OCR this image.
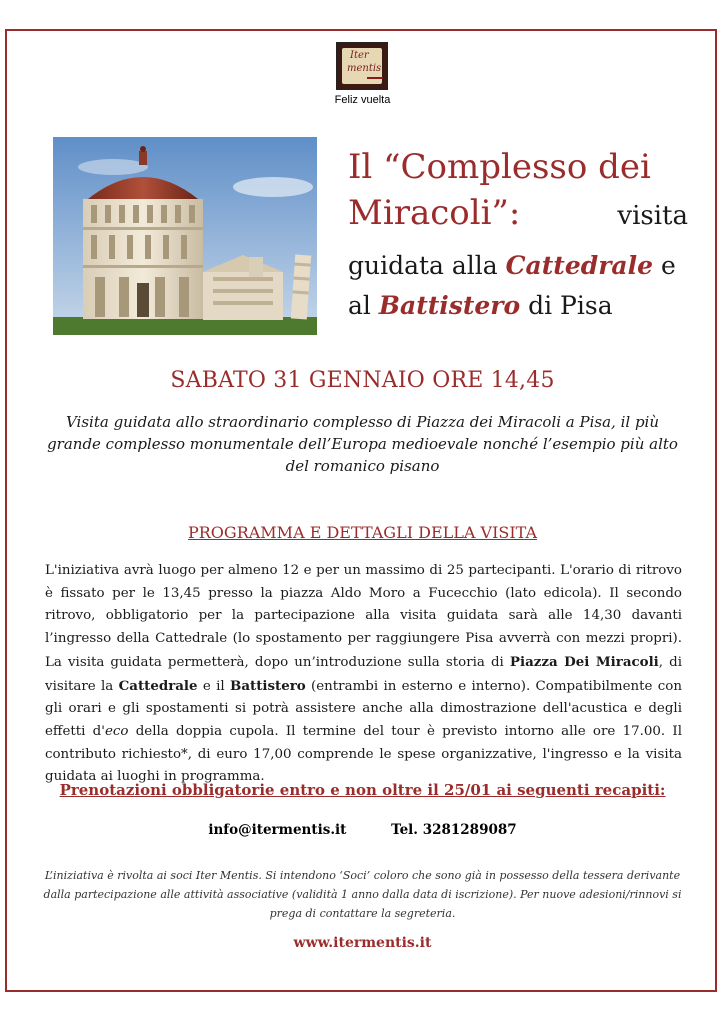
Iter
mentis
Feliz vuelta
Il “Complesso dei
Miracoli”:	visita
guidata alla Cattedrale e
al Battistero di Pisa
SABATO 31 GENNAIO ORE 14,45
Visita guidata allo straordinario complesso di Piazza dei Miracoli a Pisa, il più grande complesso monumentale dell’Europa medioevale nonché l’esempio più alto del romanico pisano
PROGRAMMA E DETTAGLI DELLA VISITA
L'iniziativa avrà luogo per almeno 12 e per un massimo di 25 partecipanti. L'orario di ritrovo è fissato per le 13,45 presso la piazza Aldo Moro a Fucecchio (lato edicola). Il secondo ritrovo, obbligatorio per la partecipazione alla visita guidata sarà alle 14,30 davanti l’ingresso della Cattedrale (lo spostamento per raggiungere Pisa avverrà con mezzi propri). La visita guidata permetterà, dopo un’introduzione sulla storia di Piazza Dei Miracoli, di visitare la Cattedrale e il Battistero (entrambi in esterno e interno). Compatibilmente con gli orari e gli spostamenti si potrà assistere anche alla dimostrazione dell'acustica e degli effetti d'eco della doppia cupola. Il termine del tour è previsto intorno alle ore 17.00. Il contributo richiesto*, di euro 17,00 comprende le spese organizzative, l'ingresso e la visita guidata ai luoghi in programma.
Prenotazioni obbligatorie entro e non oltre il 25/01 ai seguenti recapiti:
info@itermentis.it	Tel. 3281289087
L’iniziativa è rivolta ai soci Iter Mentis. Si intendono ‘Soci’ coloro che sono già in possesso della tessera derivante dalla partecipazione alle attività associative (validità 1 anno dalla data di iscrizione). Per nuove adesioni/rinnovi si prega di contattare la segreteria.
www.itermentis.it
